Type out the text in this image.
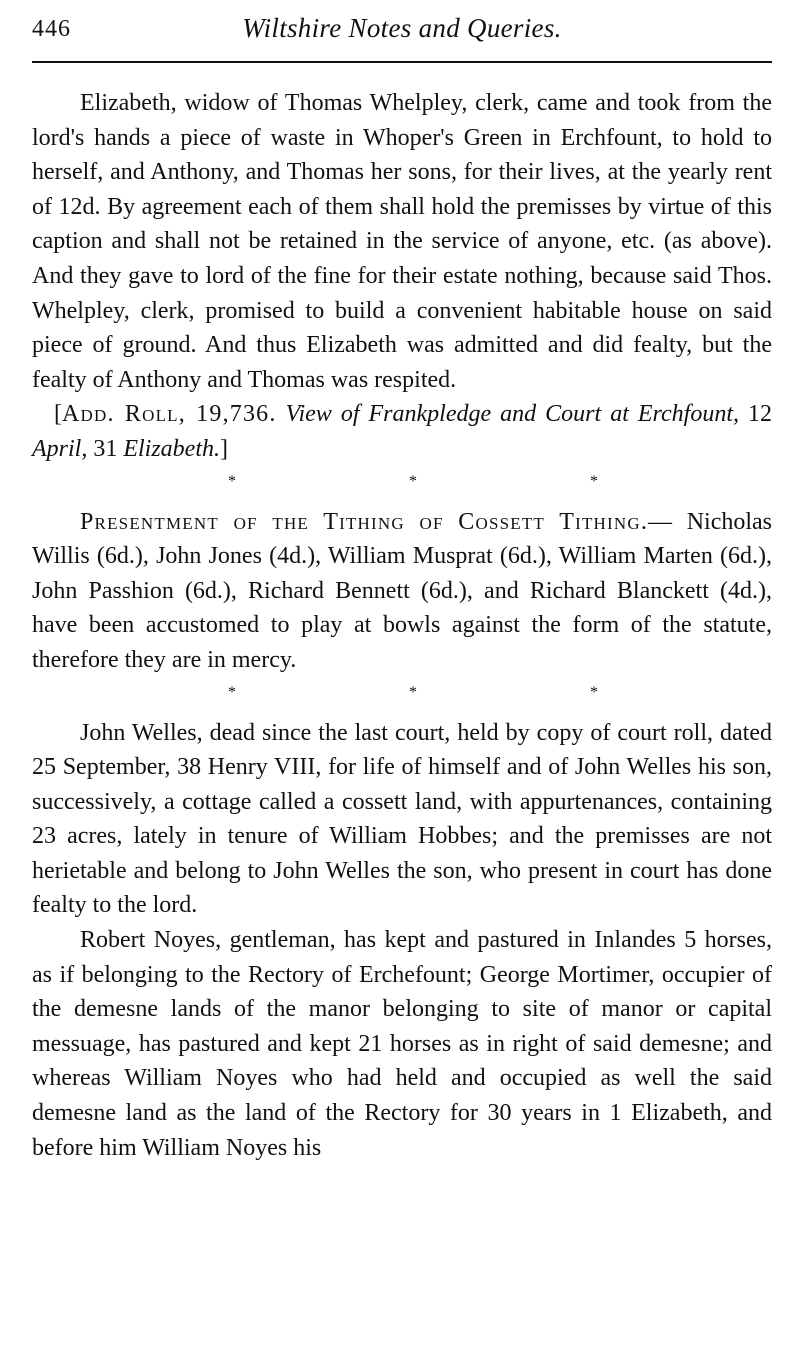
446	Wiltshire Notes and Queries.

Elizabeth, widow of Thomas Whelpley, clerk, came and took from the lord's hands a piece of waste in Whoper's Green in Erchfount, to hold to herself, and Anthony, and Thomas her sons, for their lives, at the yearly rent of 12d. By agreement each of them shall hold the premisses by virtue of this caption and shall not be retained in the service of anyone, etc. (as above). And they gave to lord of the fine for their estate nothing, because said Thos. Whelpley, clerk, promised to build a convenient habitable house on said piece of ground. And thus Elizabeth was admitted and did fealty, but the fealty of Anthony and Thomas was respited.

[Add. Roll, 19,736. View of Frankpledge and Court at Erchfount, 12 April, 31 Elizabeth.]

*	*	*

Presentment of the Tithing of Cossett Tithing.— Nicholas Willis (6d.), John Jones (4d.), William Musprat (6d.), William Marten (6d.), John Passhion (6d.), Richard Bennett (6d.), and Richard Blanckett (4d.), have been accustomed to play at bowls against the form of the statute, therefore they are in mercy.

*	*	*

John Welles, dead since the last court, held by copy of court roll, dated 25 September, 38 Henry VIII, for life of himself and of John Welles his son, successively, a cottage called a cossett land, with appurtenances, containing 23 acres, lately in tenure of William Hobbes; and the premisses are not herietable and belong to John Welles the son, who present in court has done fealty to the lord.

Robert Noyes, gentleman, has kept and pastured in Inlandes 5 horses, as if belonging to the Rectory of Erchefount; George Mortimer, occupier of the demesne lands of the manor belonging to site of manor or capital messuage, has pastured and kept 21 horses as in right of said demesne; and whereas William Noyes who had held and occupied as well the said demesne land as the land of the Rectory for 30 years in 1 Elizabeth, and before him William Noyes his
